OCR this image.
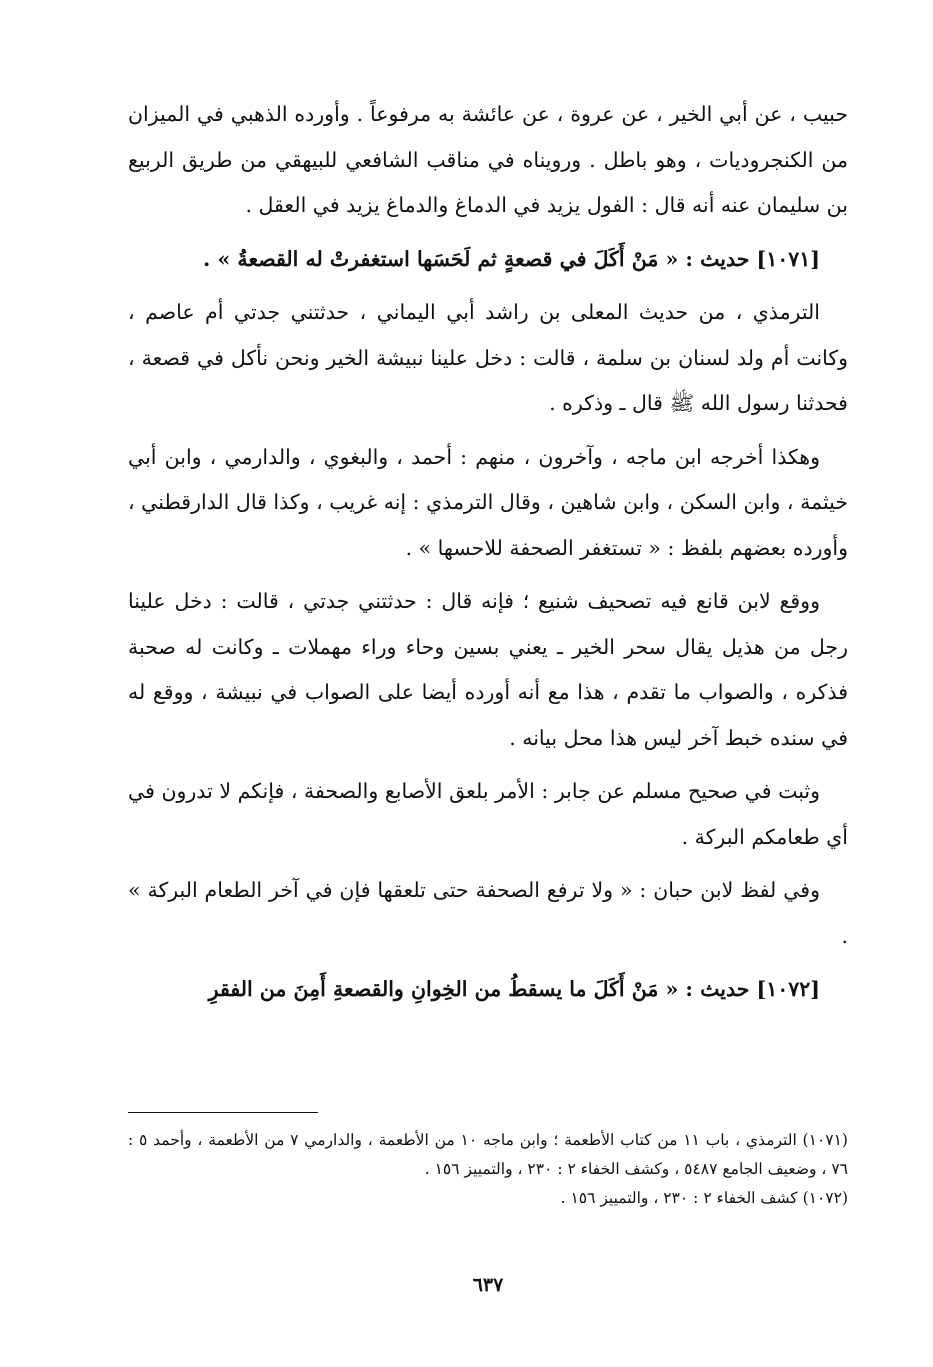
حبيب ، عن أبي الخير ، عن عروة ، عن عائشة به مرفوعاً . وأورده الذهبي في الميزان من الكنجروديات ، وهو باطل . ورويناه في مناقب الشافعي للبيهقي من طريق الربيع بن سليمان عنه أنه قال : الفول يزيد في الدماغ والدماغ يزيد في العقل .

[١٠٧١] حديث : « مَنْ أَكَلَ في قصعةٍ ثم لَحَسَها استغفرتْ له القصعةُ » .

الترمذي ، من حديث المعلى بن راشد أبي اليماني ، حدثتني جدتي أم عاصم ، وكانت أم ولد لسنان بن سلمة ، قالت : دخل علينا نبيشة الخير ونحن نأكل في قصعة ، فحدثنا رسول الله ﷺ قال ـ وذكره .

وهكذا أخرجه ابن ماجه ، وآخرون ، منهم : أحمد ، والبغوي ، والدارمي ، وابن أبي خيثمة ، وابن السكن ، وابن شاهين ، وقال الترمذي : إنه غريب ، وكذا قال الدارقطني ، وأورده بعضهم بلفظ : « تستغفر الصحفة للاحسها » .

ووقع لابن قانع فيه تصحيف شنيع ؛ فإنه قال : حدثتني جدتي ، قالت : دخل علينا رجل من هذيل يقال سحر الخير ـ يعني بسين وحاء وراء مهملات ـ وكانت له صحبة فذكره ، والصواب ما تقدم ، هذا مع أنه أورده أيضا على الصواب في نبيشة ، ووقع له في سنده خبط آخر ليس هذا محل بيانه .

وثبت في صحيح مسلم عن جابر : الأمر بلعق الأصابع والصحفة ، فإنكم لا تدرون في أي طعامكم البركة .

وفي لفظ لابن حبان : « ولا ترفع الصحفة حتى تلعقها فإن في آخر الطعام البركة » .

[١٠٧٢] حديث : « مَنْ أَكَلَ ما يسقطُ من الخِوانِ والقصعةِ أَمِنَ من الفقرِ

(١٠٧١) الترمذي ، باب ١١ من كتاب الأطعمة ؛ وابن ماجه ١٠ من الأطعمة ، والدارمي ٧ من الأطعمة ، وأحمد ٥ : ٧٦ ، وضعيف الجامع ٥٤٨٧ ، وكشف الخفاء ٢ : ٢٣٠ ، والتمييز ١٥٦ .

(١٠٧٢) كشف الخفاء ٢ : ٢٣٠ ، والتمييز ١٥٦ .

٦٣٧
